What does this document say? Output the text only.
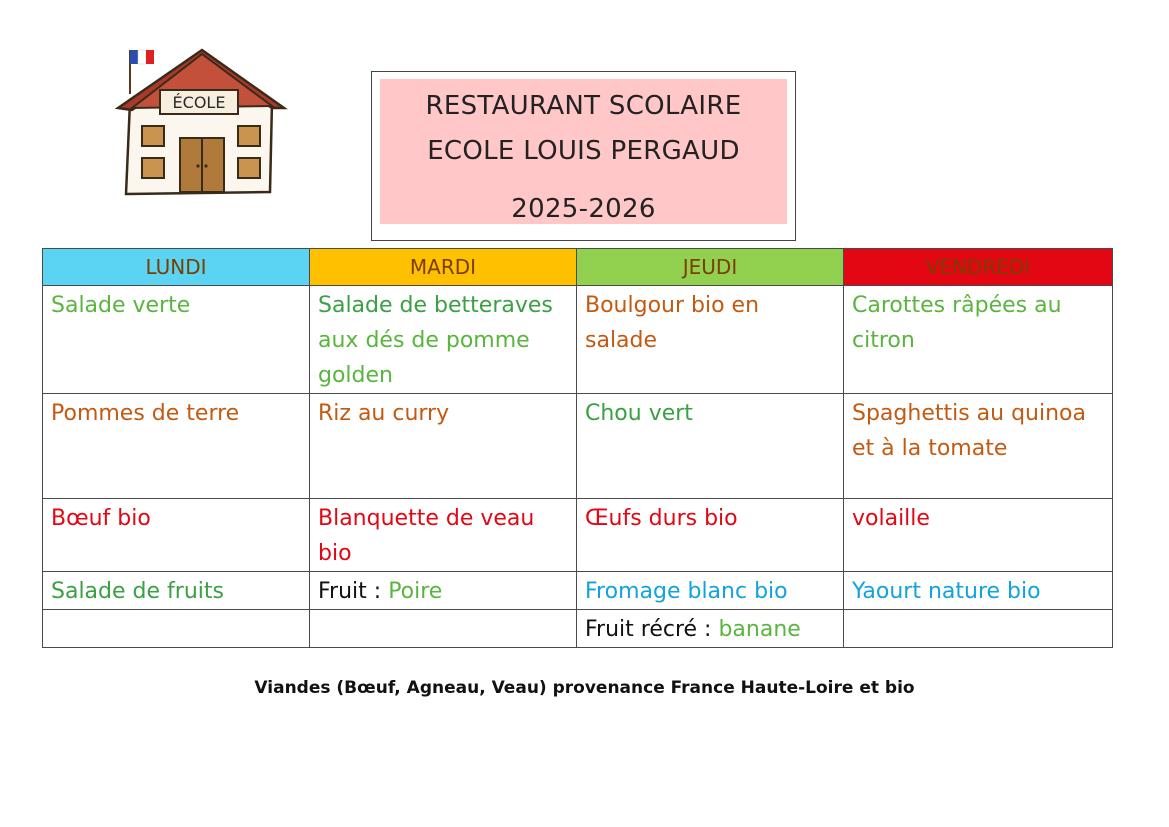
ÉCOLE	RESTAURANT SCOLAIRE
ECOLE LOUIS PERGAUD
2025-2026
LUNDI	MARDI	JEUDI	VENDREDI
Salade verte	Salade de betteraves aux dés de pomme golden	Boulgour bio en salade	Carottes râpées au citron
Pommes de terre	Riz au curry	Chou vert	Spaghettis au quinoa et à la tomate
Bœuf bio	Blanquette de veau bio	Œufs durs bio	volaille
Salade de fruits	Fruit : Poire	Fromage blanc bio	Yaourt nature bio
		Fruit récré : banane	
Viandes (Bœuf, Agneau, Veau) provenance France Haute-Loire et bio
